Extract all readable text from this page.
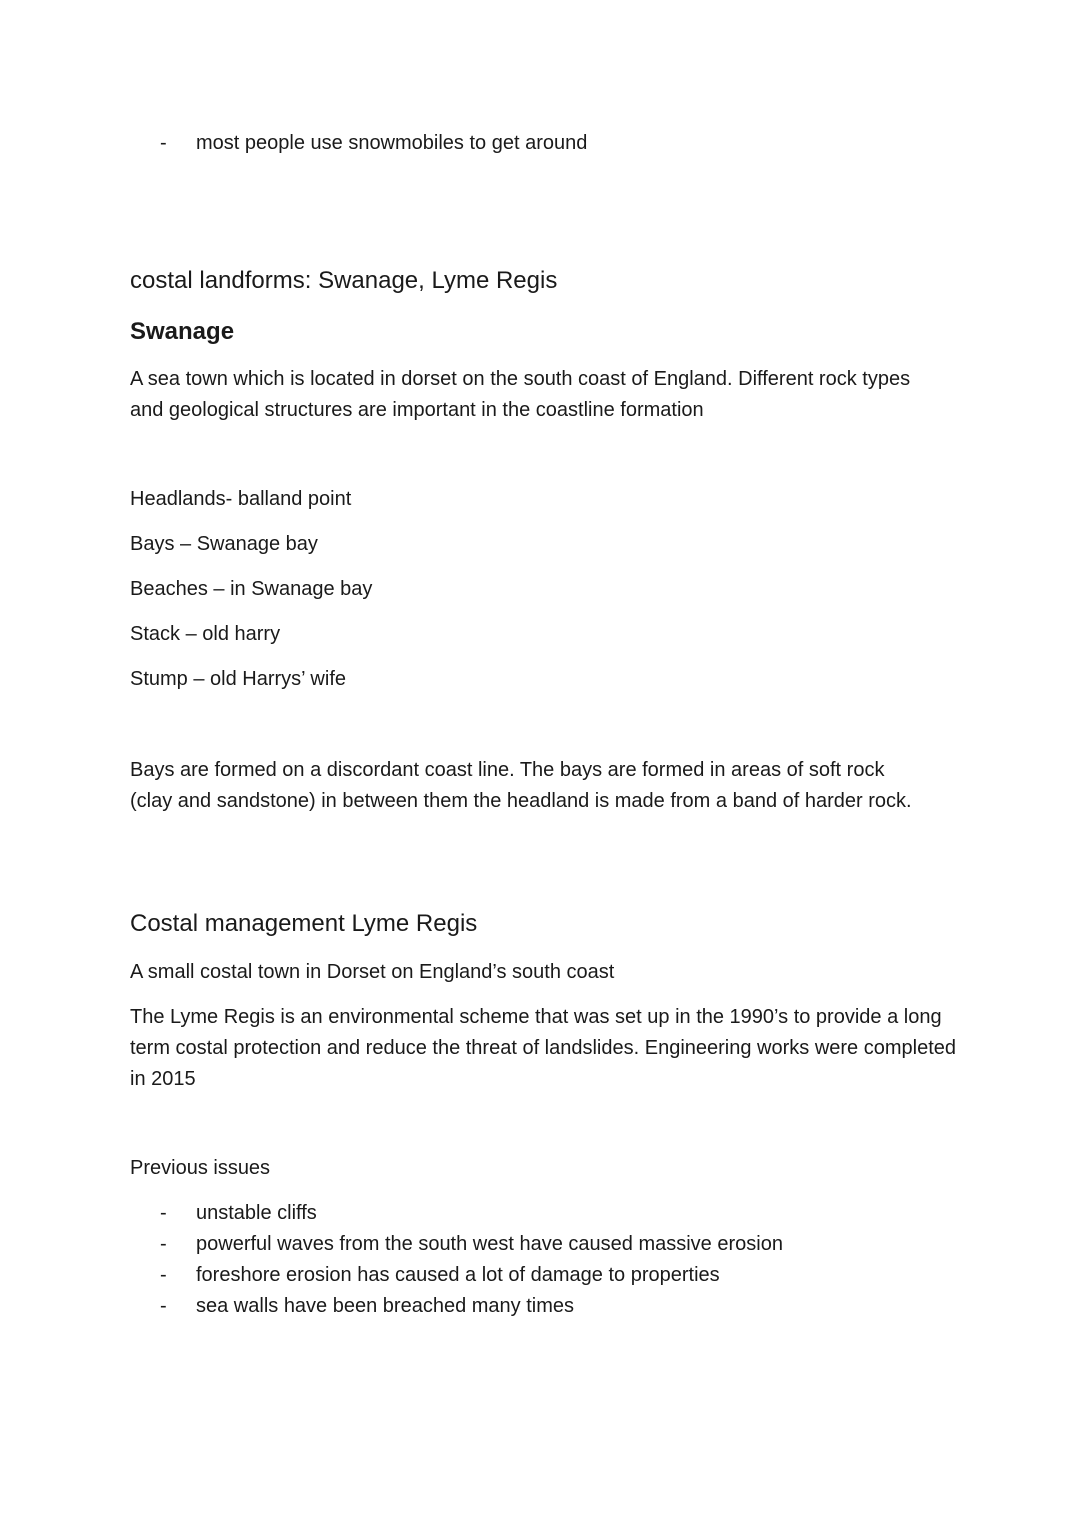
- most people use snowmobiles to get around

costal landforms: Swanage, Lyme Regis
Swanage

A sea town which is located in dorset on the south coast of England. Different rock types and geological structures are important in the coastline formation

Headlands- balland point

Bays – Swanage bay

Beaches – in Swanage bay

Stack – old harry

Stump – old Harrys’ wife

Bays are formed on a discordant coast line. The bays are formed in areas of soft rock (clay and sandstone) in between them the headland is made from a band of harder rock.

Costal management Lyme Regis

A small costal town in Dorset on England’s south coast

The Lyme Regis is an environmental scheme that was set up in the 1990’s to provide a long term costal protection and reduce the threat of landslides. Engineering works were completed in 2015

Previous issues

- unstable cliffs

- powerful waves from the south west have caused massive erosion

- foreshore erosion has caused a lot of damage to properties

- sea walls have been breached many times
